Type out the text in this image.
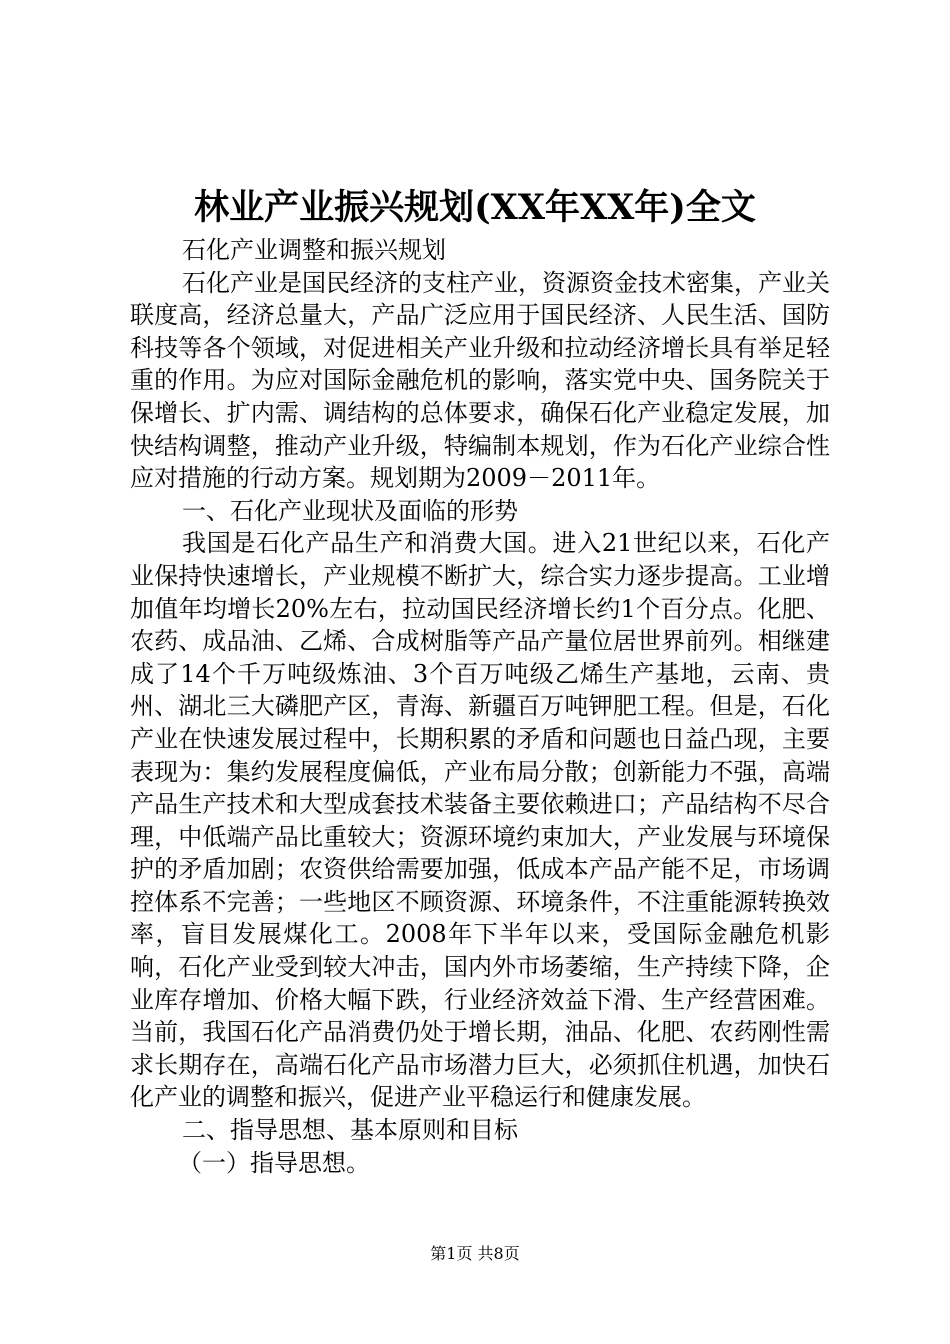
林业产业振兴规划(XX年XX年)全文

石化产业调整和振兴规划

石化产业是国民经济的支柱产业，资源资金技术密集，产业关联度高，经济总量大，产品广泛应用于国民经济、人民生活、国防科技等各个领域，对促进相关产业升级和拉动经济增长具有举足轻重的作用。为应对国际金融危机的影响，落实党中央、国务院关于保增长、扩内需、调结构的总体要求，确保石化产业稳定发展，加快结构调整，推动产业升级，特编制本规划，作为石化产业综合性应对措施的行动方案。规划期为2009－2011年。

一、石化产业现状及面临的形势

我国是石化产品生产和消费大国。进入21世纪以来，石化产业保持快速增长，产业规模不断扩大，综合实力逐步提高。工业增加值年均增长20%左右，拉动国民经济增长约1个百分点。化肥、农药、成品油、乙烯、合成树脂等产品产量位居世界前列。相继建成了14个千万吨级炼油、3个百万吨级乙烯生产基地，云南、贵州、湖北三大磷肥产区，青海、新疆百万吨钾肥工程。但是，石化产业在快速发展过程中，长期积累的矛盾和问题也日益凸现，主要表现为：集约发展程度偏低，产业布局分散；创新能力不强，高端产品生产技术和大型成套技术装备主要依赖进口；产品结构不尽合理，中低端产品比重较大；资源环境约束加大，产业发展与环境保护的矛盾加剧；农资供给需要加强，低成本产品产能不足，市场调控体系不完善；一些地区不顾资源、环境条件，不注重能源转换效率，盲目发展煤化工。2008年下半年以来，受国际金融危机影响，石化产业受到较大冲击，国内外市场萎缩，生产持续下降，企业库存增加、价格大幅下跌，行业经济效益下滑、生产经营困难。当前，我国石化产品消费仍处于增长期，油品、化肥、农药刚性需求长期存在，高端石化产品市场潜力巨大，必须抓住机遇，加快石化产业的调整和振兴，促进产业平稳运行和健康发展。

二、指导思想、基本原则和目标

（一）指导思想。

第1页 共8页
